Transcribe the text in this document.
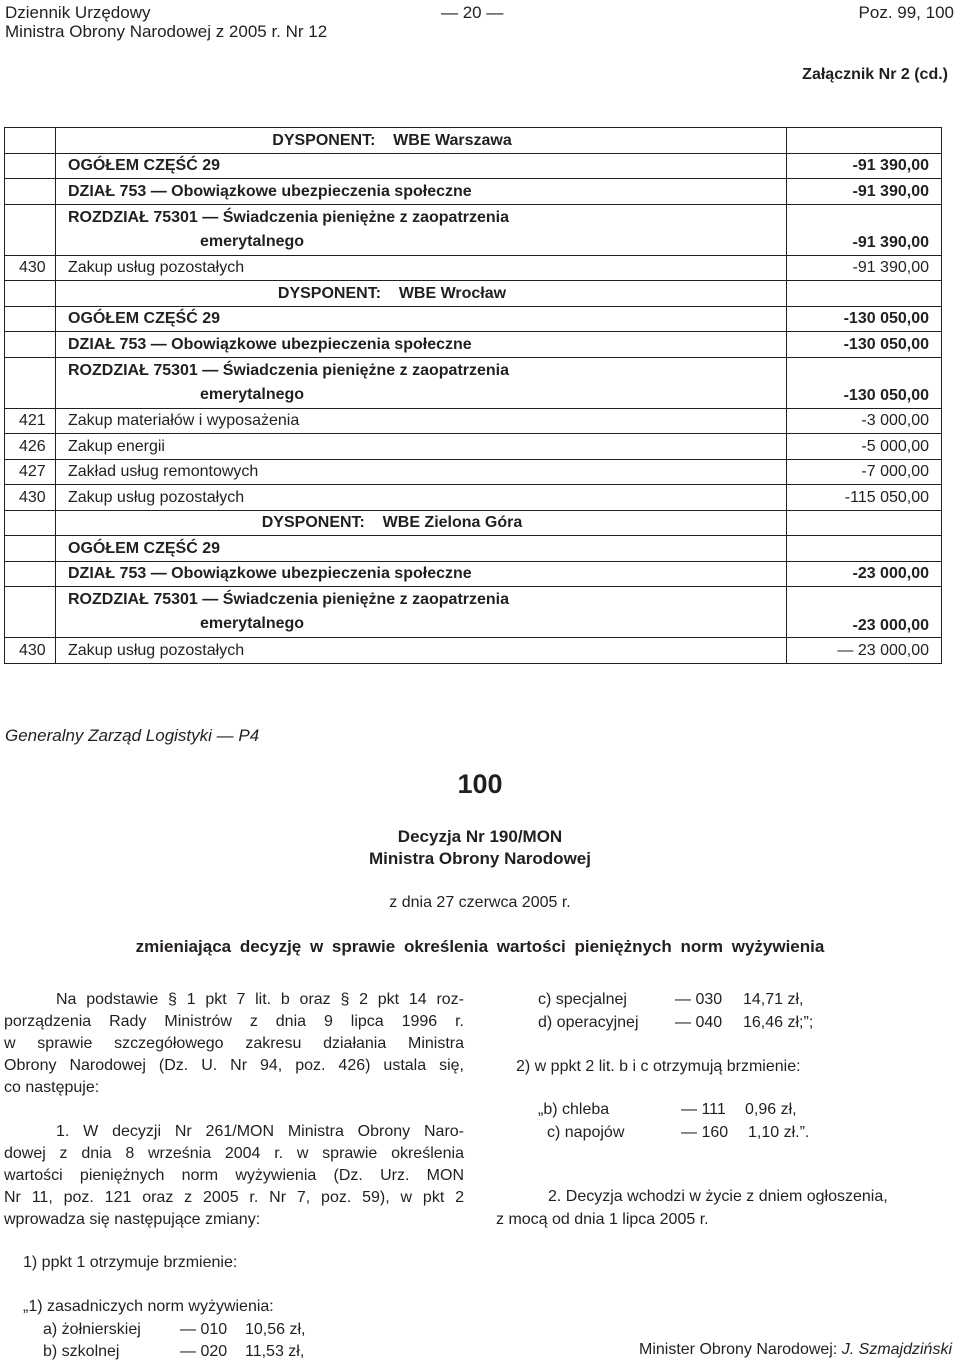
Dziennik Urzędowy
Ministra Obrony Narodowej z 2005 r. Nr 12
— 20 —	Poz. 99, 100
Załącznik Nr 2 (cd.)
	DYSPONENT:    WBE Warszawa	
	OGÓŁEM CZĘŚĆ 29	-91 390,00
	DZIAŁ 753 — Obowiązkowe ubezpieczenia społeczne	-91 390,00

	ROZDZIAŁ 75301 — Świadczenia pieniężne z zaopatrzenia
emerytalnego	-91 390,00
430	Zakup usług pozostałych	-91 390,00
	DYSPONENT:    WBE Wrocław	
	OGÓŁEM CZĘŚĆ 29	-130 050,00
	DZIAŁ 753 — Obowiązkowe ubezpieczenia społeczne	-130 050,00

	ROZDZIAŁ 75301 — Świadczenia pieniężne z zaopatrzenia
emerytalnego	-130 050,00
421	Zakup materiałów i wyposażenia	-3 000,00
426	Zakup energii	-5 000,00
427	Zakład usług remontowych	-7 000,00
430	Zakup usług pozostałych	-115 050,00
	DYSPONENT:    WBE Zielona Góra	
	OGÓŁEM CZĘŚĆ 29	
	DZIAŁ 753 — Obowiązkowe ubezpieczenia społeczne	-23 000,00

	ROZDZIAŁ 75301 — Świadczenia pieniężne z zaopatrzenia
emerytalnego	-23 000,00
430	Zakup usług pozostałych	— 23 000,00
Generalny Zarząd Logistyki — P4
100
Decyzja Nr 190/MON
Ministra Obrony Narodowej
z dnia 27 czerwca 2005 r.
zmieniająca decyzję w sprawie określenia wartości pieniężnych norm wyżywienia

Na podstawie § 1 pkt 7 lit. b oraz § 2 pkt 14 roz-

porządzenia Rady Ministrów z dnia 9 lipca 1996 r.

w sprawie szczegółowego zakresu działania Ministra

Obrony Narodowej (Dz. U. Nr 94, poz. 426) ustala się,

co następuje:

1. W decyzji Nr 261/MON Ministra Obrony Naro-

dowej z dnia 8 września 2004 r. w sprawie określenia

wartości pieniężnych norm wyżywienia (Dz. Urz. MON

Nr 11, poz. 121 oraz z 2005 r. Nr 7, poz. 59), w pkt 2

wprowadza się następujące zmiany:

1) ppkt 1 otrzymuje brzmienie:
„1) zasadniczych norm wyżywienia:
a) żołnierskiej — 010 10,56 zł,
b) szkolnej	— 020 11,53 zł,
c) specjalnej	— 030 14,71 zł,
d) operacyjnej — 040 16,46 zł;”;
2) w ppkt 2 lit. b i c otrzymują brzmienie:
„b) chleba	— 111 0,96 zł,
c) napojów	— 160 1,10 zł.”.
2. Decyzja wchodzi w życie z dniem ogłoszenia,
z mocą od dnia 1 lipca 2005 r.
Minister Obrony Narodowej: J. Szmajdziński
